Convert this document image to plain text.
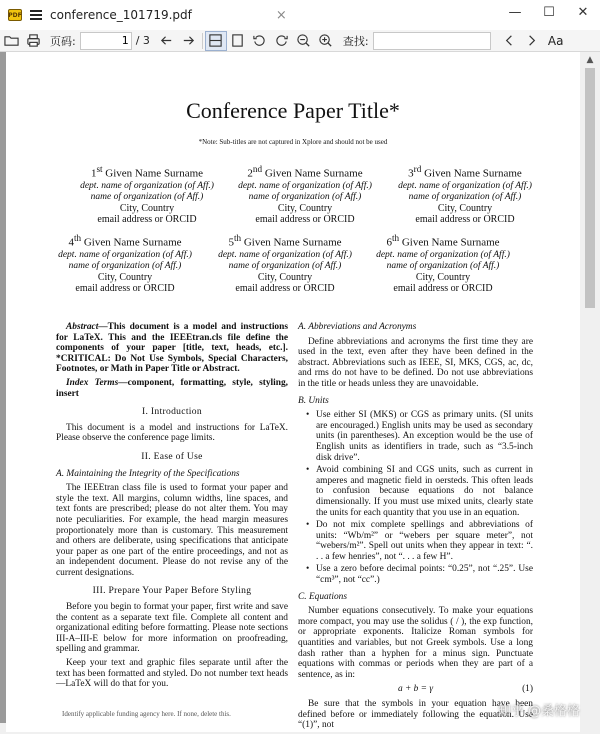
PDF conference_101719.pdf	×	—	☐	✕
页码:
1	/ 3	查找:	Aa
Conference Paper Title*
*Note: Sub-titles are not captured in Xplore and should not be used
1st Given Name Surname
dept. name of organization (of Aff.)
name of organization (of Aff.)
City, Country
email address or ORCID
2nd Given Name Surname
dept. name of organization (of Aff.)
name of organization (of Aff.)
City, Country
email address or ORCID
3rd Given Name Surname
dept. name of organization (of Aff.)
name of organization (of Aff.)
City, Country
email address or ORCID
4th Given Name Surname
dept. name of organization (of Aff.)
name of organization (of Aff.)
City, Country
email address or ORCID
5th Given Name Surname
dept. name of organization (of Aff.)
name of organization (of Aff.)
City, Country
email address or ORCID
6th Given Name Surname
dept. name of organization (of Aff.)
name of organization (of Aff.)
City, Country
email address or ORCID

Abstract—This document is a model and instructions for LaTeX. This and the IEEEtran.cls file define the components of your paper [title, text, heads, etc.]. *CRITICAL: Do Not Use Symbols, Special Characters, Footnotes, or Math in Paper Title or Abstract.

Index Terms—component, formatting, style, styling, insert

I. Introduction

This document is a model and instructions for LaTeX. Please observe the conference page limits.

II. Ease of Use
A. Maintaining the Integrity of the Specifications

The IEEEtran class file is used to format your paper and style the text. All margins, column widths, line spaces, and text fonts are prescribed; please do not alter them. You may note peculiarities. For example, the head margin measures proportionately more than is customary. This measurement and others are deliberate, using specifications that anticipate your paper as one part of the entire proceedings, and not as an independent document. Please do not revise any of the current designations.

III. Prepare Your Paper Before Styling

Before you begin to format your paper, first write and save the content as a separate text file. Complete all content and organizational editing before formatting. Please note sections III-A–III-E below for more information on proofreading, spelling and grammar.

Keep your text and graphic files separate until after the text has been formatted and styled. Do not number text heads—LaTeX will do that for you.

Identify applicable funding agency here. If none, delete this.
A. Abbreviations and Acronyms

Define abbreviations and acronyms the first time they are used in the text, even after they have been defined in the abstract. Abbreviations such as IEEE, SI, MKS, CGS, ac, dc, and rms do not have to be defined. Do not use abbreviations in the title or heads unless they are unavoidable.

B. Units
• Use either SI (MKS) or CGS as primary units. (SI units are encouraged.) English units may be used as secondary units (in parentheses). An exception would be the use of English units as identifiers in trade, such as “3.5-inch disk drive”.
• Avoid combining SI and CGS units, such as current in amperes and magnetic field in oersteds. This often leads to confusion because equations do not balance dimensionally. If you must use mixed units, clearly state the units for each quantity that you use in an equation.
• Do not mix complete spellings and abbreviations of units: “Wb/m²” or “webers per square meter”, not “webers/m²”. Spell out units when they appear in text: “. . . a few henries”, not “. . . a few H”.
• Use a zero before decimal points: “0.25”, not “.25”. Use “cm³”, not “cc”.)
C. Equations

Number equations consecutively. To make your equations more compact, you may use the solidus ( / ), the exp function, or appropriate exponents. Italicize Roman symbols for quantities and variables, but not Greek symbols. Use a long dash rather than a hyphen for a minus sign. Punctuate equations with commas or periods when they are part of a sentence, as in:

a + b = γ	(1)

Be sure that the symbols in your equation have been defined before or immediately following the equation. Use “(1)”, not

▲
知乎 @桑格格
